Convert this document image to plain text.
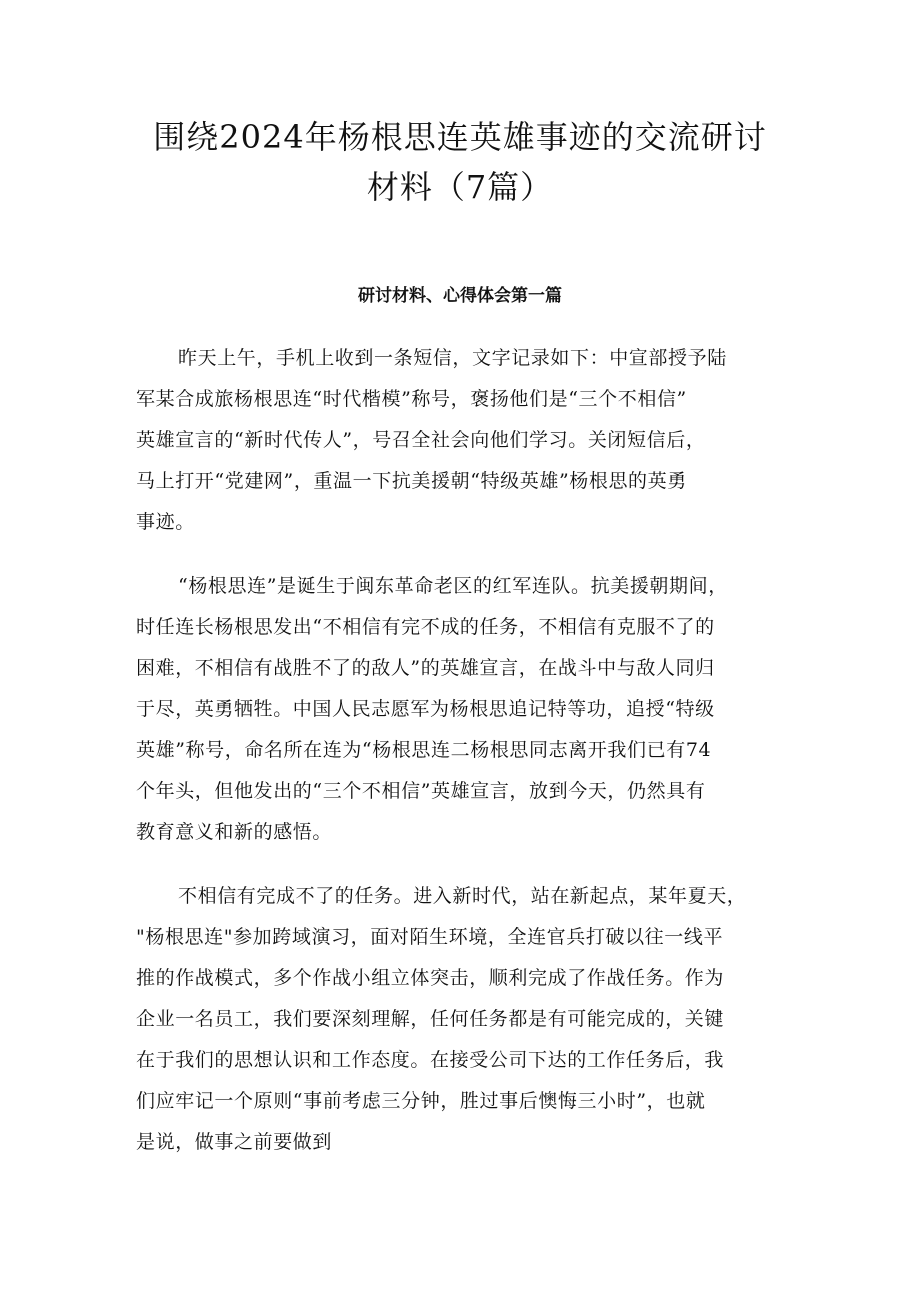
围绕2024年杨根思连英雄事迹的交流研讨
材料（7篇）
研讨材料、心得体会第一篇

昨天上午，手机上收到一条短信，文字记录如下：中宣部授予陆
军某合成旅杨根思连“时代楷模”称号，褒扬他们是“三个不相信”
英雄宣言的“新时代传人”，号召全社会向他们学习。关闭短信后，
马上打开“党建网”，重温一下抗美援朝“特级英雄”杨根思的英勇
事迹。

“杨根思连”是诞生于闽东革命老区的红军连队。抗美援朝期间，
时任连长杨根思发出“不相信有完不成的任务，不相信有克服不了的
困难，不相信有战胜不了的敌人”的英雄宣言，在战斗中与敌人同归
于尽，英勇牺牲。中国人民志愿军为杨根思追记特等功，追授“特级
英雄”称号，命名所在连为“杨根思连二杨根思同志离开我们已有74
个年头，但他发出的“三个不相信”英雄宣言，放到今天，仍然具有
教育意义和新的感悟。

不相信有完成不了的任务。进入新时代，站在新起点，某年夏天，
"杨根思连"参加跨域演习，面对陌生环境，全连官兵打破以往一线平
推的作战模式，多个作战小组立体突击，顺利完成了作战任务。作为
企业一名员工，我们要深刻理解，任何任务都是有可能完成的，关键
在于我们的思想认识和工作态度。在接受公司下达的工作任务后，我
们应牢记一个原则“事前考虑三分钟，胜过事后懊悔三小时”，也就
是说，做事之前要做到
